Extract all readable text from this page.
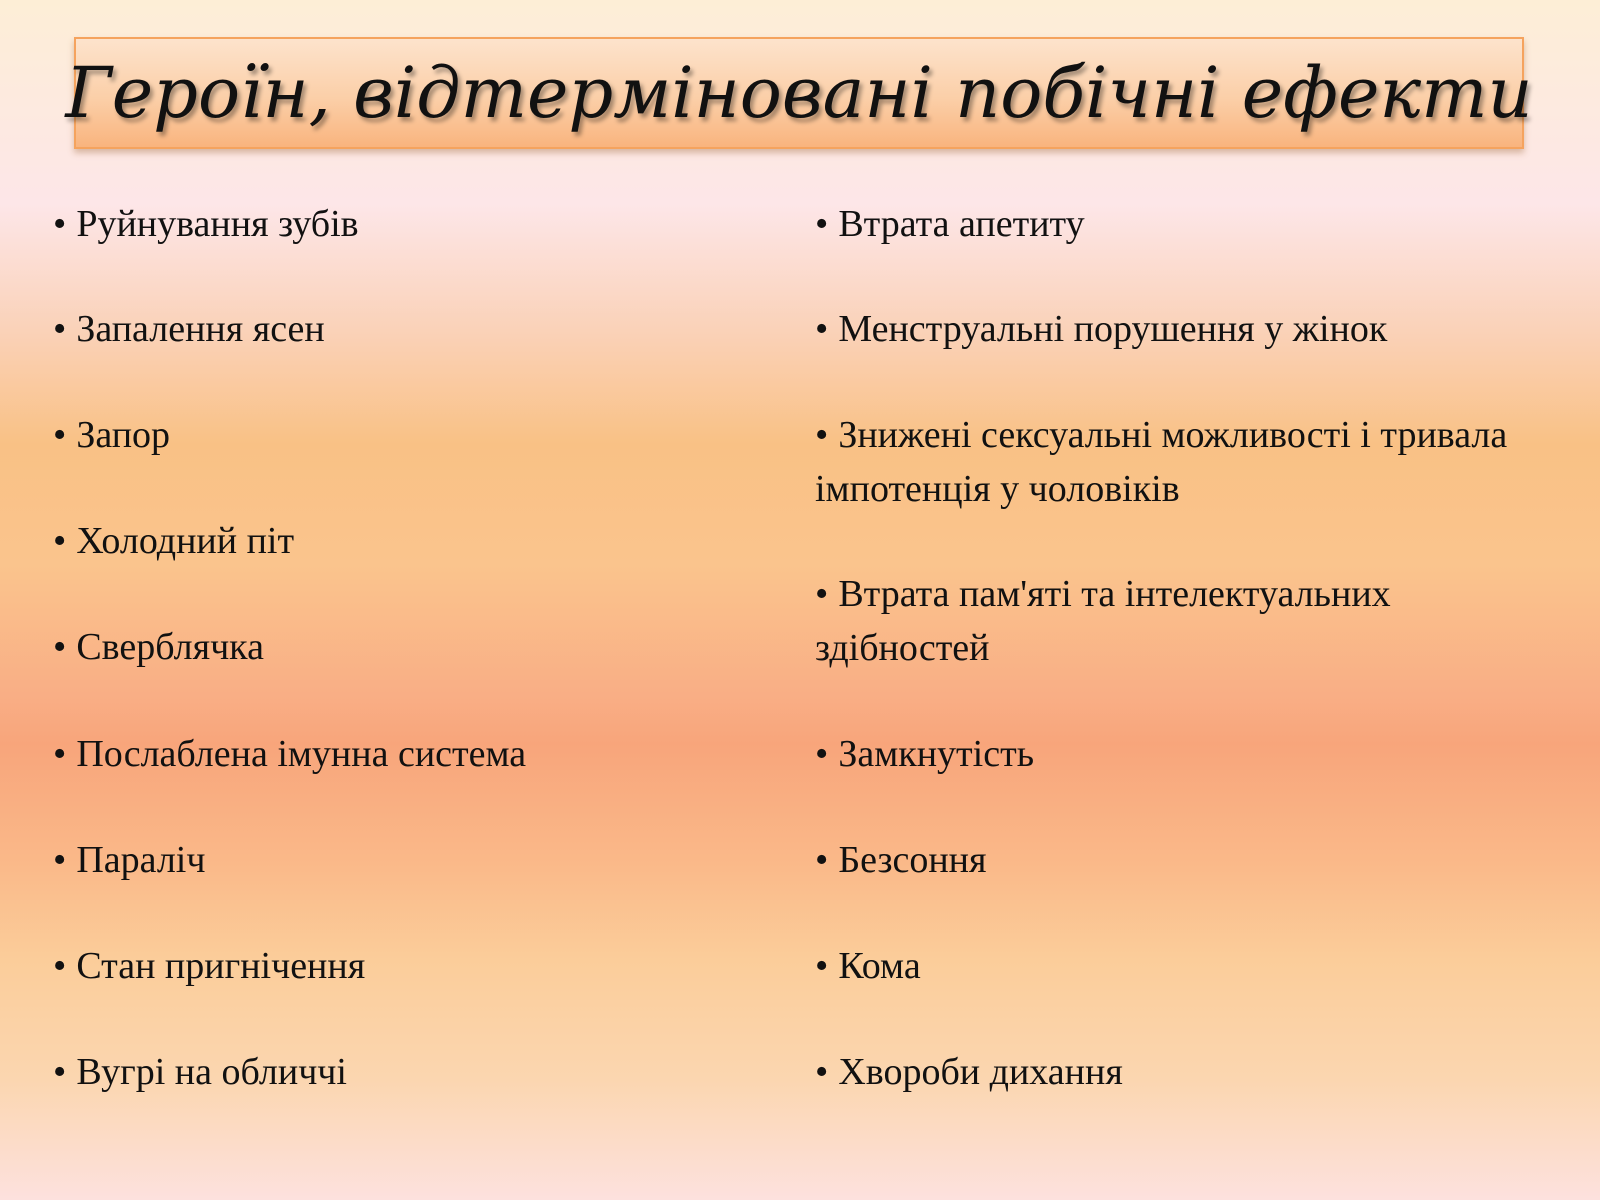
Героїн, відтерміновані побічні ефекти
• Руйнування зубів
• Запалення ясен
• Запор
• Холодний піт
• Сверблячка
• Послаблена імунна система
• Параліч
• Стан пригнічення
• Вугрі на обличчі
• Втрата апетиту
• Менструальні порушення у жінок
• Знижені сексуальні можливості і тривала імпотенція у чоловіків
• Втрата пам'яті та інтелектуальних здібностей
• Замкнутість
• Безсоння
• Кома
• Хвороби дихання
